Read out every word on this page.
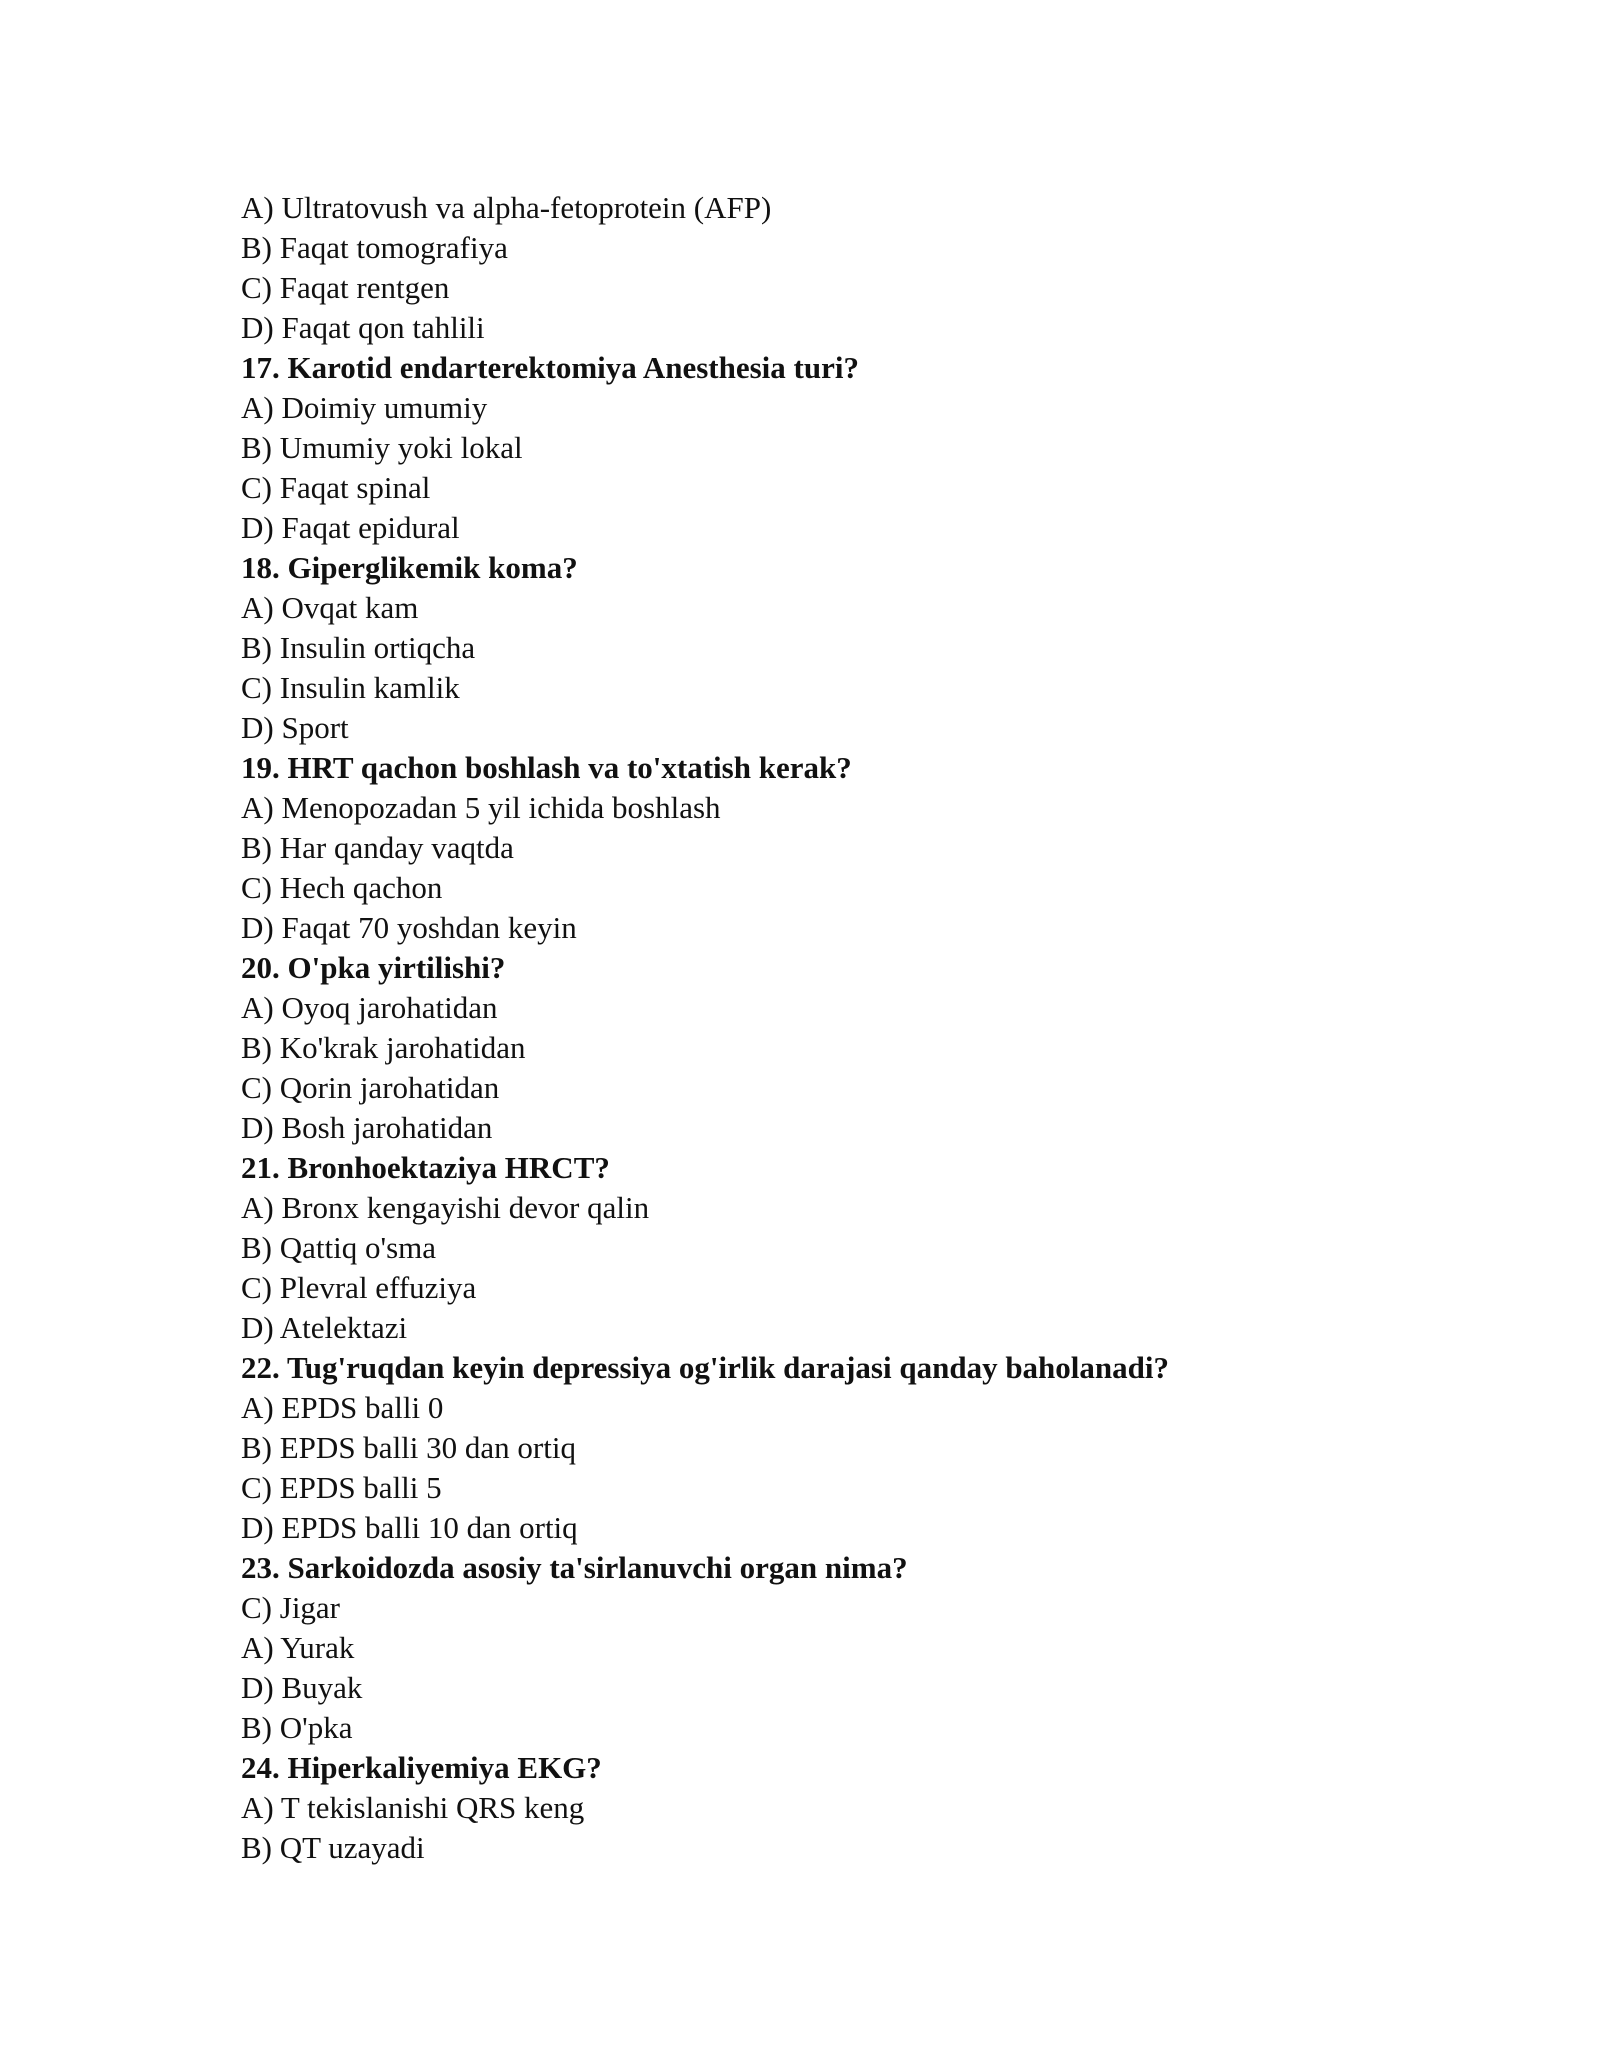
A) Ultratovush va alpha-fetoprotein (AFP)
B) Faqat tomografiya
C) Faqat rentgen
D) Faqat qon tahlili
17. Karotid endarterektomiya Anesthesia turi?
A) Doimiy umumiy
B) Umumiy yoki lokal
C) Faqat spinal
D) Faqat epidural
18. Giperglikemik koma?
A) Ovqat kam
B) Insulin ortiqcha
C) Insulin kamlik
D) Sport
19. HRT qachon boshlash va to'xtatish kerak?
A) Menopozadan 5 yil ichida boshlash
B) Har qanday vaqtda
C) Hech qachon
D) Faqat 70 yoshdan keyin
20. O'pka yirtilishi?
A) Oyoq jarohatidan
B) Ko'krak jarohatidan
C) Qorin jarohatidan
D) Bosh jarohatidan
21. Bronhoektaziya HRCT?
A) Bronx kengayishi devor qalin
B) Qattiq o'sma
C) Plevral effuziya
D) Atelektazi
22. Tug'ruqdan keyin depressiya og'irlik darajasi qanday baholanadi?
A) EPDS balli 0
B) EPDS balli 30 dan ortiq
C) EPDS balli 5
D) EPDS balli 10 dan ortiq
23. Sarkoidozda asosiy ta'sirlanuvchi organ nima?
C) Jigar
A) Yurak
D) Buyak
B) O'pka
24. Hiperkaliyemiya EKG?
A) T tekislanishi QRS keng
B) QT uzayadi
